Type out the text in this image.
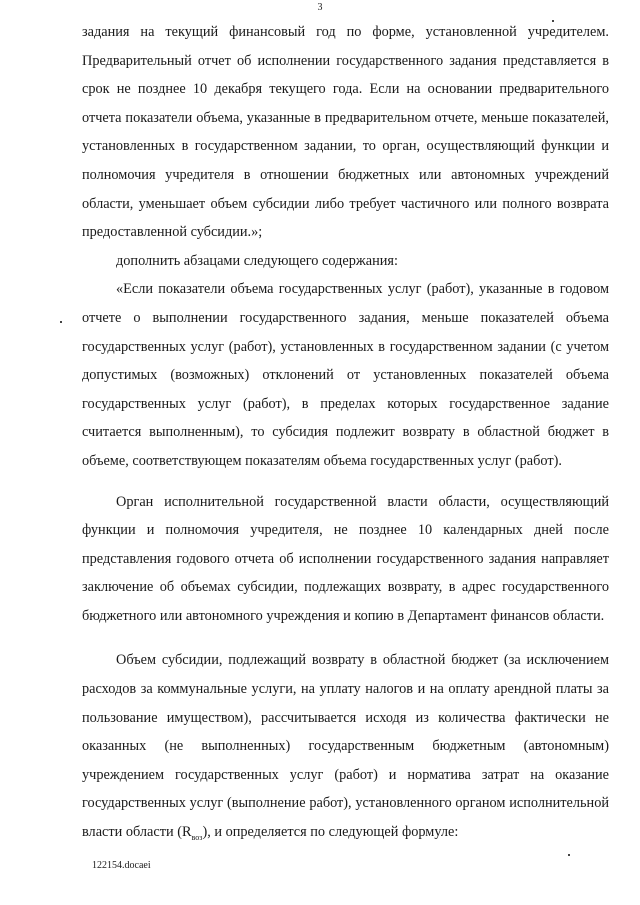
3

задания на текущий финансовый год по форме, установленной учредителем. Предварительный отчет об исполнении государственного задания представляется в срок не позднее 10 декабря текущего года. Если на основании предварительного отчета показатели объема, указанные в предварительном отчете, меньше показателей, установленных в государственном задании, то орган, осуществляющий функции и полномочия учредителя в отношении бюджетных или автономных учреждений области, уменьшает объем субсидии либо требует частичного или полного возврата предоставленной субсидии.»;

дополнить абзацами следующего содержания:

«Если показатели объема государственных услуг (работ), указанные в годовом отчете о выполнении государственного задания, меньше показателей объема государственных услуг (работ), установленных в государственном задании (с учетом допустимых (возможных) отклонений от установленных показателей объема государственных услуг (работ), в пределах которых государственное задание считается выполненным), то субсидия подлежит возврату в областной бюджет в объеме, соответствующем показателям объема государственных услуг (работ).

Орган исполнительной государственной власти области, осуществляющий функции и полномочия учредителя, не позднее 10 календарных дней после представления годового отчета об исполнении государственного задания направляет заключение об объемах субсидии, подлежащих возврату, в адрес государственного бюджетного или автономного учреждения и копию в Департамент финансов области.

Объем субсидии, подлежащий возврату в областной бюджет (за исключением расходов за коммунальные услуги, на уплату налогов и на оплату арендной платы за пользование имуществом), рассчитывается исходя из количества фактически не оказанных (не выполненных) государственным бюджетным (автономным) учреждением государственных услуг (работ) и норматива затрат на оказание государственных услуг (выполнение работ), установленного органом исполнительной власти области $(R_{воз})$, и определяется по следующей формуле:

122154.docaei
